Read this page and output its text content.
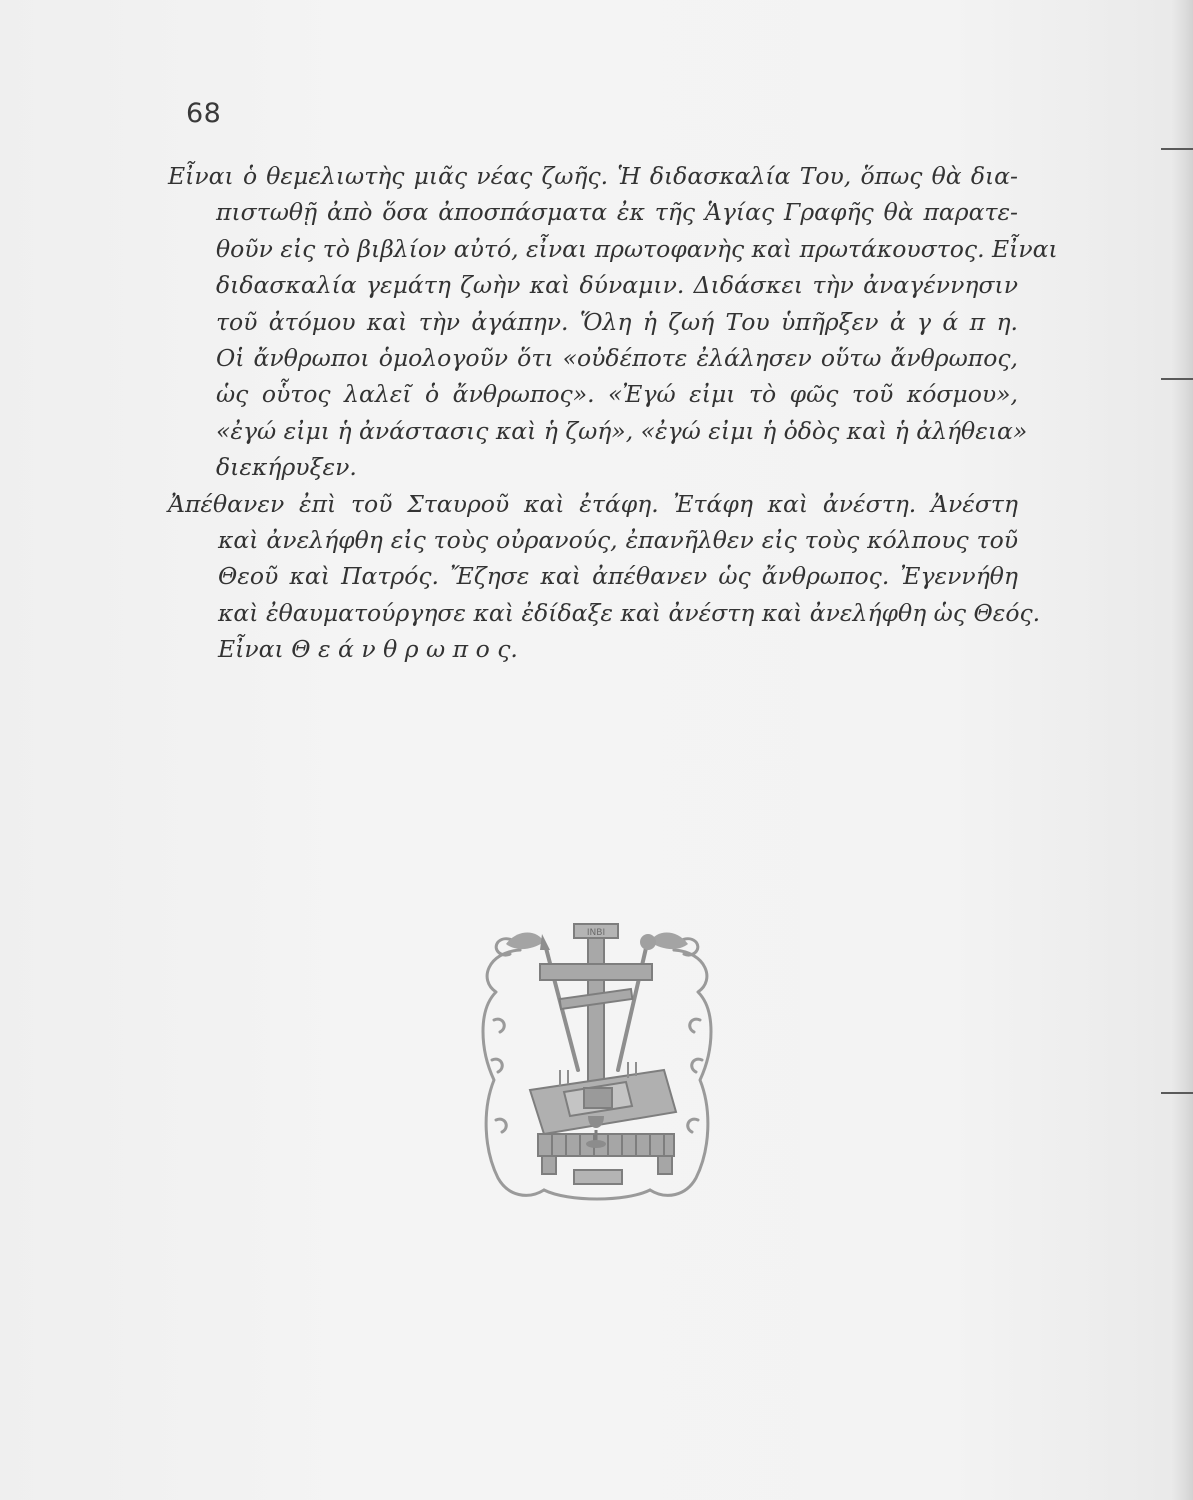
68
Εἶναι ὁ θεμελιωτὴς μιᾶς νέας ζωῆς. Ἡ διδασκαλία Του, ὅπως θὰ δια-
πιστωθῇ ἀπὸ ὅσα ἀποσπάσματα ἐκ τῆς Ἁγίας Γραφῆς θὰ παρατε-
θοῦν εἰς τὸ βιβλίον αὐτό, εἶναι πρωτοφανὴς καὶ πρωτάκουστος. Εἶναι
διδασκαλία γεμάτη ζωὴν καὶ δύναμιν. Διδάσκει τὴν ἀναγέννησιν
τοῦ ἀτόμου καὶ τὴν ἀγάπην. Ὅλη ἡ ζωή Του ὑπῆρξεν ἀ γ ά π η.
Οἱ ἄνθρωποι ὁμολογοῦν ὅτι «οὐδέποτε ἐλάλησεν οὕτω ἄνθρωπος,
ὡς οὗτος λαλεῖ ὁ ἄνθρωπος». «Ἐγώ εἰμι τὸ φῶς τοῦ κόσμου»,
«ἐγώ εἰμι ἡ ἀνάστασις καὶ ἡ ζωή», «ἐγώ εἰμι ἡ ὁδὸς καὶ ἡ ἀλήθεια»
διεκήρυξεν.
Ἀπέθανεν ἐπὶ τοῦ Σταυροῦ καὶ ἐτάφη. Ἐτάφη καὶ ἀνέστη. Ἀνέστη
καὶ ἀνελήφθη εἰς τοὺς οὐρανούς, ἐπανῆλθεν εἰς τοὺς κόλπους τοῦ
Θεοῦ καὶ Πατρός. Ἔζησε καὶ ἀπέθανεν ὡς ἄνθρωπος. Ἐγεννήθη
καὶ ἐθαυματούργησε καὶ ἐδίδαξε καὶ ἀνέστη καὶ ἀνελήφθη ὡς Θεός.
Εἶναι Θ ε ά ν θ ρ ω π ο ς.
ΙΝΒΙ
